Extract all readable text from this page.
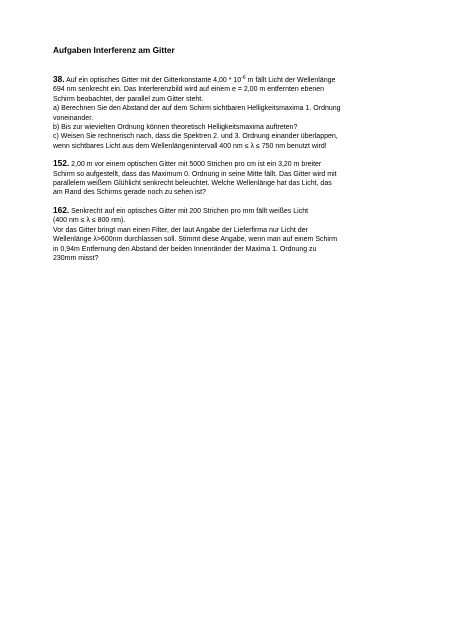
Aufgaben Interferenz am Gitter

38. Auf ein optisches Gitter mit der Gitterkonstante $4,00 * 10^{-6}$ m fällt Licht der Wellenlänge

694 nm senkrecht ein. Das Interferenzbild wird auf einem e = 2,00 m entfernten ebenen

Schirm beobachtet, der parallel zum Gitter steht.

a) Berechnen Sie den Abstand der auf dem Schirm sichtbaren Helligkeitsmaxima 1. Ordnung

voneinander.

b) Bis zur wievielten Ordnung können theoretisch Helligkeitsmaxima auftreten?

c) Weisen Sie rechnerisch nach, dass die Spektren 2. und 3. Ordnung einander überlappen,

wenn sichtbares Licht aus dem Wellenlängenintervall 400 nm ≤ λ ≤ 750 nm benutzt wird!

152. 2,00 m vor einem optischen Gitter mit 5000 Strichen pro cm ist ein 3,20 m breiter

Schirm so aufgestellt, dass das Maximum 0. Ordnung in seine Mitte fällt. Das Gitter wird mit

parallelem weißem Glühlicht senkrecht beleuchtet. Welche Wellenlänge hat das Licht, das

am Rand des Schirms gerade noch zu sehen ist?

162. Senkrecht auf ein optisches Gitter mit 200 Strichen pro mm fällt weißes Licht

(400 nm ≤ λ ≤ 800 nm).

Vor das Gitter bringt man einen Filter, der laut Angabe der Lieferfirma nur Licht der

Wellenlänge λ>600nm durchlassen soll. Stimmt diese Angabe, wenn man auf einem Schirm

in 0,94m Entfernung den Abstand der beiden Innenränder der Maxima 1. Ordnung zu

230mm misst?
